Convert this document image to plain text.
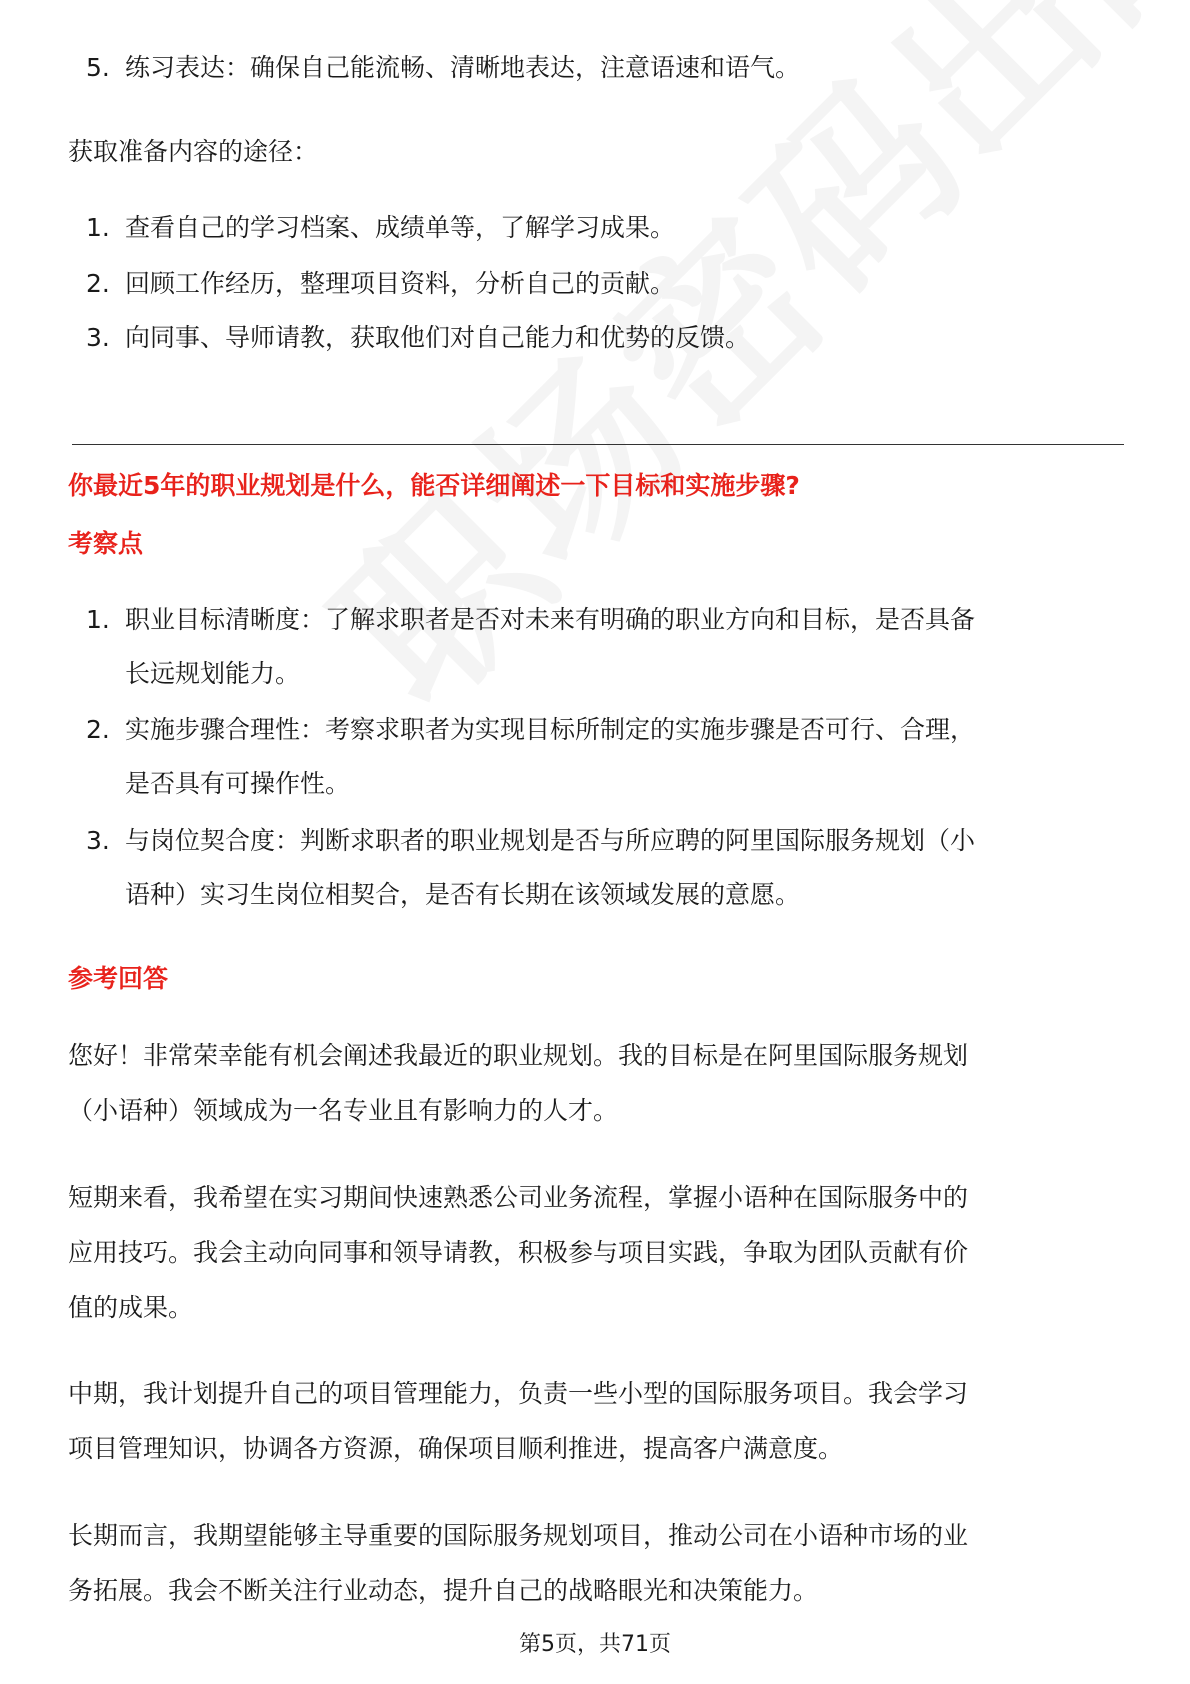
5. 练习表达：确保自己能流畅、清晰地表达，注意语速和语气。
获取准备内容的途径：
1. 查看自己的学习档案、成绩单等，了解学习成果。
2. 回顾工作经历，整理项目资料，分析自己的贡献。
3. 向同事、导师请教，获取他们对自己能力和优势的反馈。
你最近5年的职业规划是什么，能否详细阐述一下目标和实施步骤?
考察点
1. 职业目标清晰度：了解求职者是否对未来有明确的职业方向和目标，是否具备
长远规划能力。
2. 实施步骤合理性：考察求职者为实现目标所制定的实施步骤是否可行、合理，
是否具有可操作性。
3. 与岗位契合度：判断求职者的职业规划是否与所应聘的阿里国际服务规划（小
语种）实习生岗位相契合，是否有长期在该领域发展的意愿。
参考回答
您好！非常荣幸能有机会阐述我最近的职业规划。我的目标是在阿里国际服务规划
（小语种）领域成为一名专业且有影响力的人才。
短期来看，我希望在实习期间快速熟悉公司业务流程，掌握小语种在国际服务中的
应用技巧。我会主动向同事和领导请教，积极参与项目实践，争取为团队贡献有价
值的成果。
中期，我计划提升自己的项目管理能力，负责一些小型的国际服务项目。我会学习
项目管理知识，协调各方资源，确保项目顺利推进，提高客户满意度。
长期而言，我期望能够主导重要的国际服务规划项目，推动公司在小语种市场的业
务拓展。我会不断关注行业动态，提升自己的战略眼光和决策能力。
第5页，共71页
